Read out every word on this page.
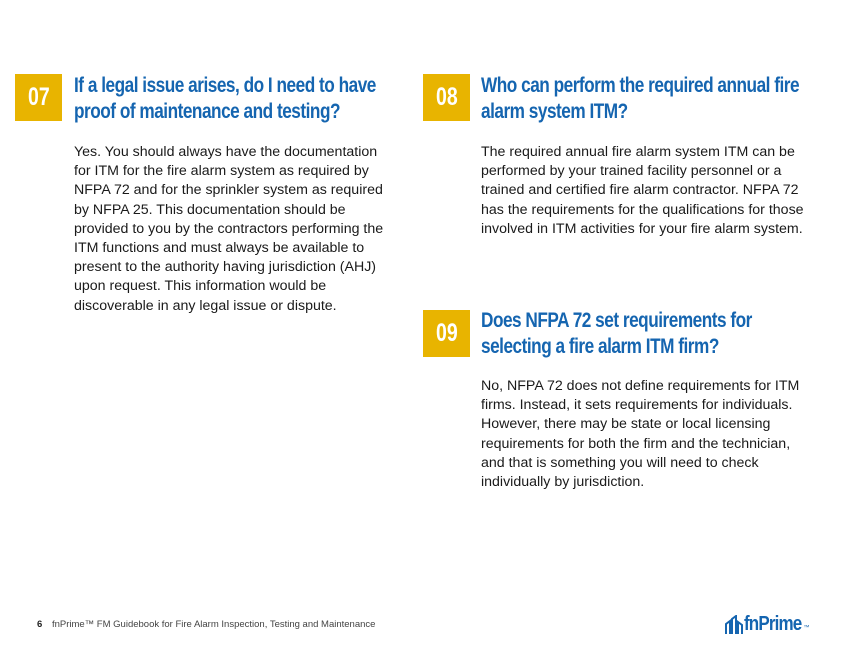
07 If a legal issue arises, do I need to have proof of maintenance and testing?

Yes. You should always have the documentation for ITM for the fire alarm system as required by NFPA 72 and for the sprinkler system as required by NFPA 25. This documentation should be provided to you by the contractors performing the ITM functions and must always be available to present to the authority having jurisdiction (AHJ) upon request. This information would be discoverable in any legal issue or dispute.

08 Who can perform the required annual fire alarm system ITM?

The required annual fire alarm system ITM can be performed by your trained facility personnel or a trained and certified fire alarm contractor. NFPA 72 has the requirements for the qualifications for those involved in ITM activities for your fire alarm system.

09 Does NFPA 72 set requirements for selecting a fire alarm ITM firm?

No, NFPA 72 does not define requirements for ITM firms. Instead, it sets requirements for individuals. However, there may be state or local licensing requirements for both the firm and the technician, and that is something you will need to check individually by jurisdiction.

6 fnPrime™ FM Guidebook for Fire Alarm Inspection, Testing and Maintenance	fnPrime ™
